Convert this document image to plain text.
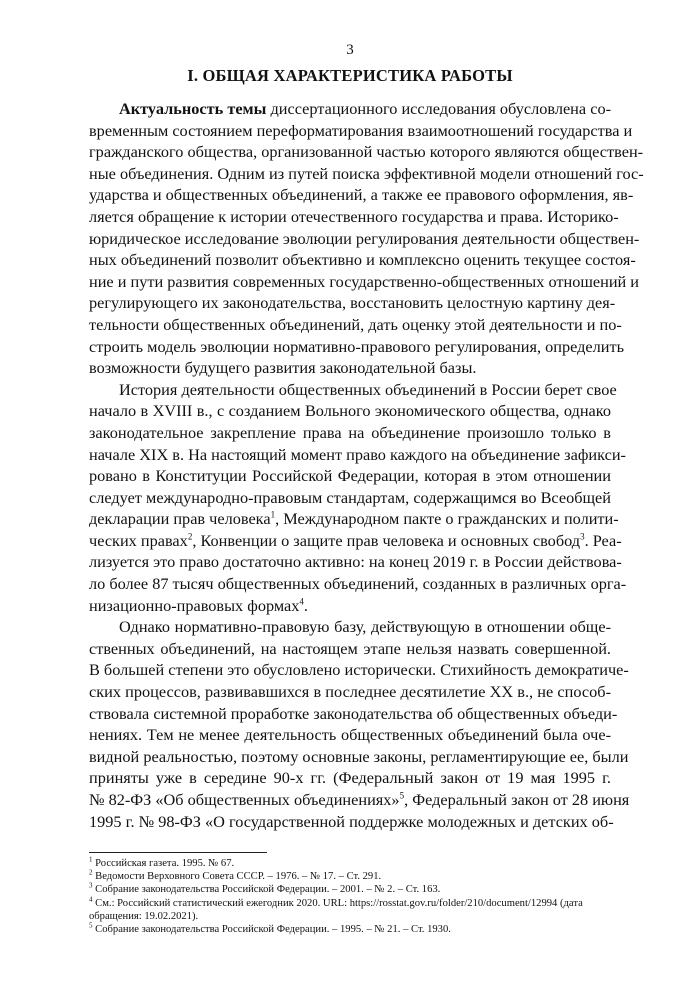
3
I. ОБЩАЯ ХАРАКТЕРИСТИКА РАБОТЫ
Актуальность темы диссертационного исследования обусловлена со-
временным состоянием переформатирования взаимоотношений государства и
гражданского общества, организованной частью которого являются обществен-
ные объединения. Одним из путей поиска эффективной модели отношений гос-
ударства и общественных объединений, а также ее правового оформления, яв-
ляется обращение к истории отечественного государства и права. Историко-
юридическое исследование эволюции регулирования деятельности обществен-
ных объединений позволит объективно и комплексно оценить текущее состоя-
ние и пути развития современных государственно-общественных отношений и
регулирующего их законодательства, восстановить целостную картину дея-
тельности общественных объединений, дать оценку этой деятельности и по-
строить модель эволюции нормативно-правового регулирования, определить
возможности будущего развития законодательной базы.
История деятельности общественных объединений в России берет свое
начало в XVIII в., с созданием Вольного экономического общества, однако
законодательное закрепление права на объединение произошло только в
начале XIX в. На настоящий момент право каждого на объединение зафикси-
ровано в Конституции Российской Федерации, которая в этом отношении
следует международно-правовым стандартам, содержащимся во Всеобщей
декларации прав человека$^1$, Международном пакте о гражданских и полити-
ческих правах$^2$, Конвенции о защите прав человека и основных свобод$^3$. Реа-
лизуется это право достаточно активно: на конец 2019 г. в России действова-
ло более 87 тысяч общественных объединений, созданных в различных орга-
низационно-правовых формах$^4$.
Однако нормативно-правовую базу, действующую в отношении обще-
ственных объединений, на настоящем этапе нельзя назвать совершенной.
В большей степени это обусловлено исторически. Стихийность демократиче-
ских процессов, развивавшихся в последнее десятилетие XX в., не способ-
ствовала системной проработке законодательства об общественных объеди-
нениях. Тем не менее деятельность общественных объединений была оче-
видной реальностью, поэтому основные законы, регламентирующие ее, были
приняты уже в середине 90-х гг. (Федеральный закон от 19 мая 1995 г.
№ 82-ФЗ «Об общественных объединениях»$^5$, Федеральный закон от 28 июня
1995 г. № 98-ФЗ «О государственной поддержке молодежных и детских об-
$^1$ Российская газета. 1995. № 67.
$^2$ Ведомости Верховного Совета СССР. – 1976. – № 17. – Ст. 291.
$^3$ Собрание законодательства Российской Федерации. – 2001. – № 2. – Ст. 163.
$^4$ См.: Российский статистический ежегодник 2020. URL: https://rosstat.gov.ru/folder/210/document/12994 (дата
обращения: 19.02.2021).
$^5$ Собрание законодательства Российской Федерации. – 1995. – № 21. – Ст. 1930.
